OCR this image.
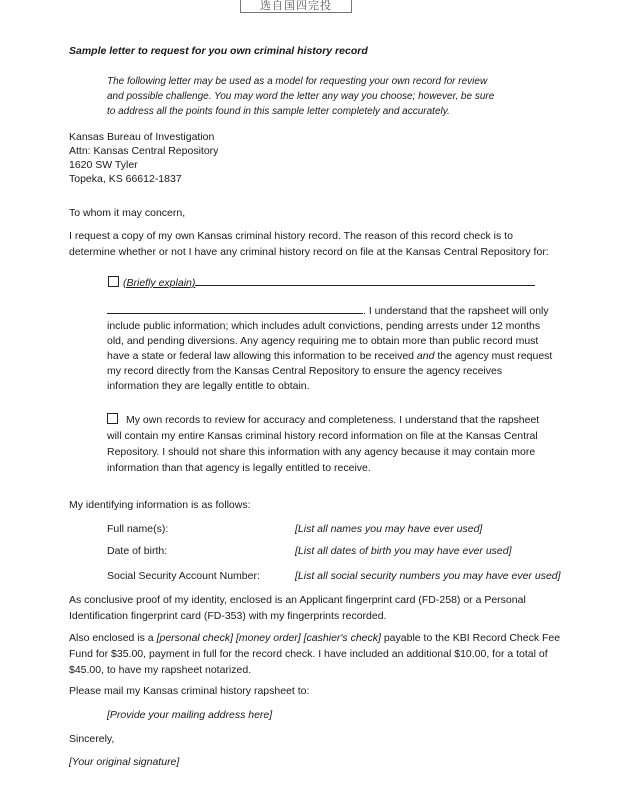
选自国四完投
Sample letter to request for you own criminal history record
The following letter may be used as a model for requesting your own record for review
and possible challenge. You may word the letter any way you choose; however, be sure
to address all the points found in this sample letter completely and accurately.
Kansas Bureau of Investigation
Attn: Kansas Central Repository
1620 SW Tyler
Topeka, KS 66612-1837
To whom it may concern,
I request a copy of my own Kansas criminal history record. The reason of this record check is to
determine whether or not I have any criminal history record on file at the Kansas Central Repository for:
(Briefly explain)
. I understand that the rapsheet will only
include public information; which includes adult convictions, pending arrests under 12 months
old, and pending diversions. Any agency requiring me to obtain more than public record must
have a state or federal law allowing this information to be received and the agency must request
my record directly from the Kansas Central Repository to ensure the agency receives
information they are legally entitle to obtain.
My own records to review for accuracy and completeness. I understand that the rapsheet
will contain my entire Kansas criminal history record information on file at the Kansas Central
Repository. I should not share this information with any agency because it may contain more
information than that agency is legally entitled to receive.
My identifying information is as follows:
Full name(s):	[List all names you may have ever used]
Date of birth:	[List all dates of birth you may have ever used]
Social Security Account Number:	[List all social security numbers you may have ever used]
As conclusive proof of my identity, enclosed is an Applicant fingerprint card (FD-258) or a Personal
Identification fingerprint card (FD-353) with my fingerprints recorded.
Also enclosed is a [personal check] [money order] [cashier's check] payable to the KBI Record Check Fee
Fund for $35.00, payment in full for the record check. I have included an additional $10.00, for a total of
$45.00, to have my rapsheet notarized.
Please mail my Kansas criminal history rapsheet to:
[Provide your mailing address here]
Sincerely,
[Your original signature]
